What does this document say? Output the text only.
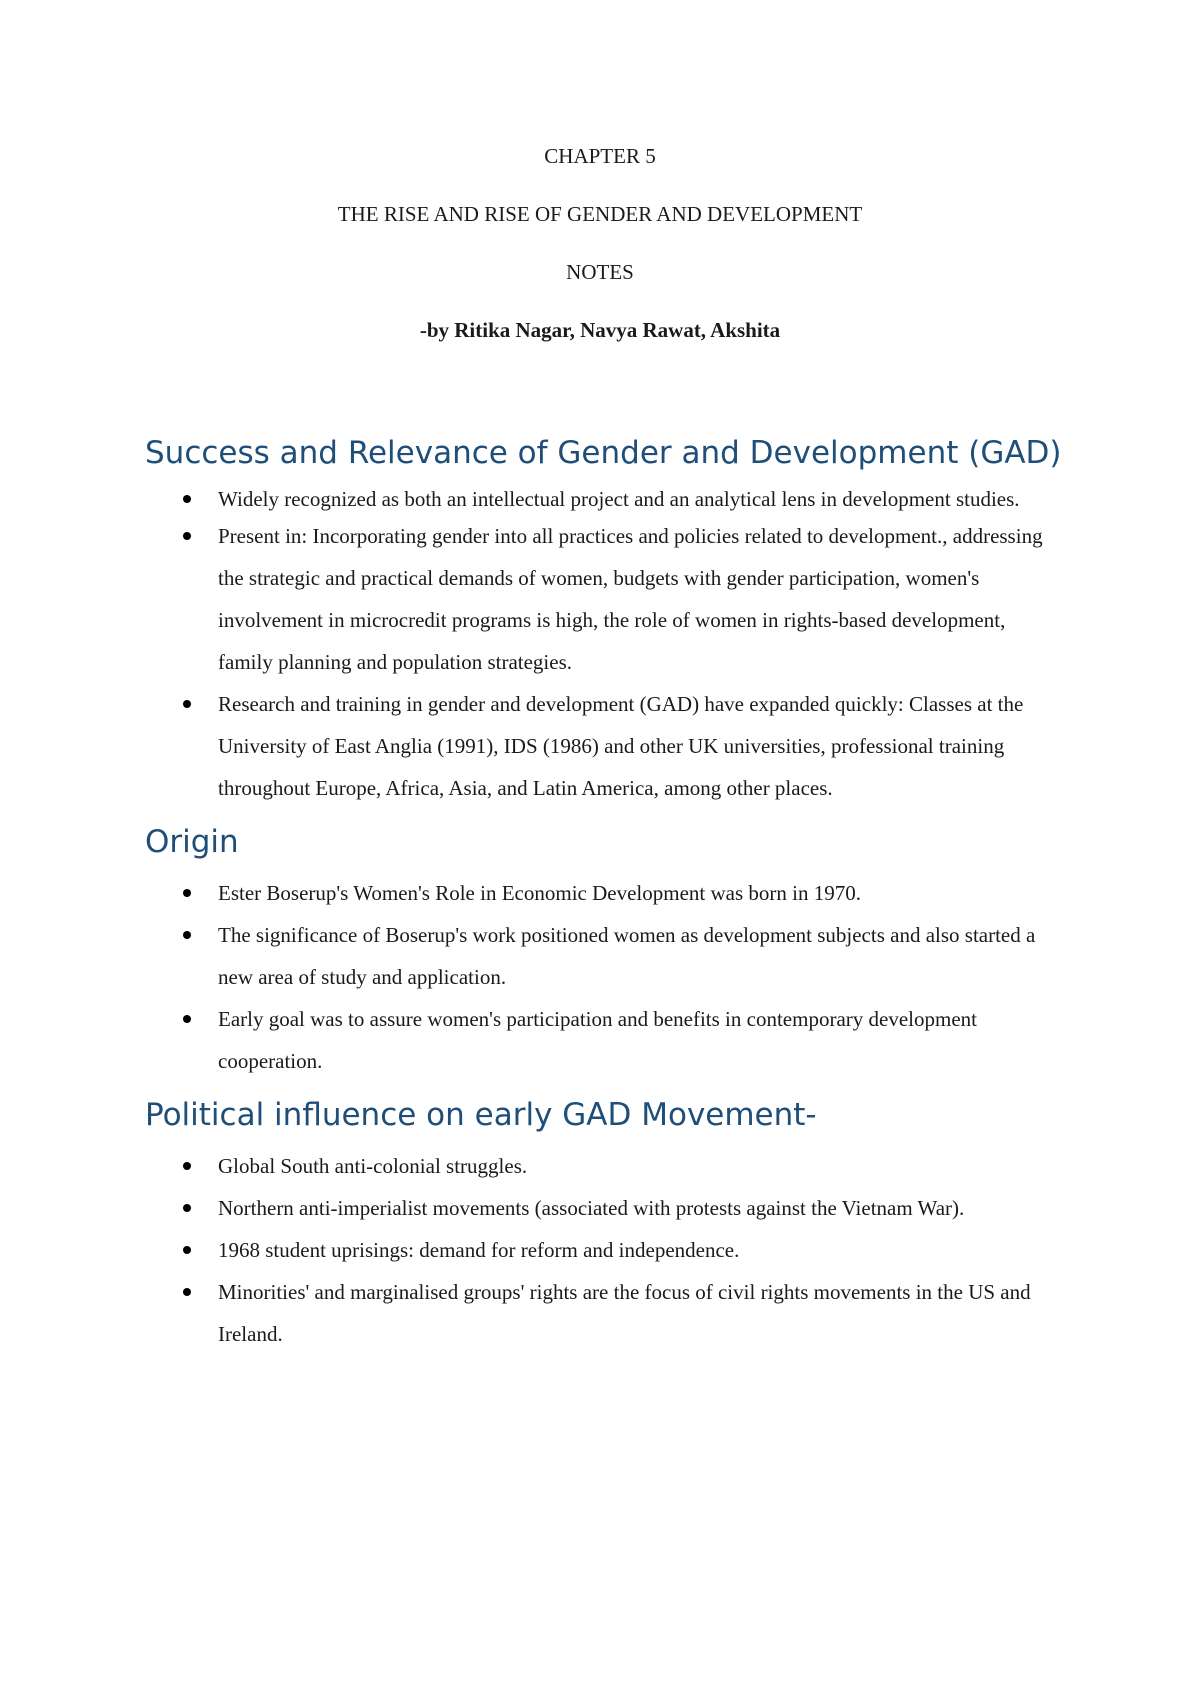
CHAPTER 5
THE RISE AND RISE OF GENDER AND DEVELOPMENT
NOTES
-by Ritika Nagar, Navya Rawat, Akshita
Success and Relevance of Gender and Development (GAD)
Widely recognized as both an intellectual project and an analytical lens in development studies.
Present in: Incorporating gender into all practices and policies related to development., addressing the strategic and practical demands of women, budgets with gender participation, women's involvement in microcredit programs is high, the role of women in rights-based development, family planning and population strategies.
Research and training in gender and development (GAD) have expanded quickly: Classes at the University of East Anglia (1991), IDS (1986) and other UK universities, professional training throughout Europe, Africa, Asia, and Latin America, among other places.
Origin
Ester Boserup's Women's Role in Economic Development was born in 1970.
The significance of Boserup's work positioned women as development subjects and also started a new area of study and application.
Early goal was to assure women's participation and benefits in contemporary development cooperation.
Political influence on early GAD Movement-
Global South anti-colonial struggles.
Northern anti-imperialist movements (associated with protests against the Vietnam War).
1968 student uprisings: demand for reform and independence.
Minorities' and marginalised groups' rights are the focus of civil rights movements in the US and Ireland.
